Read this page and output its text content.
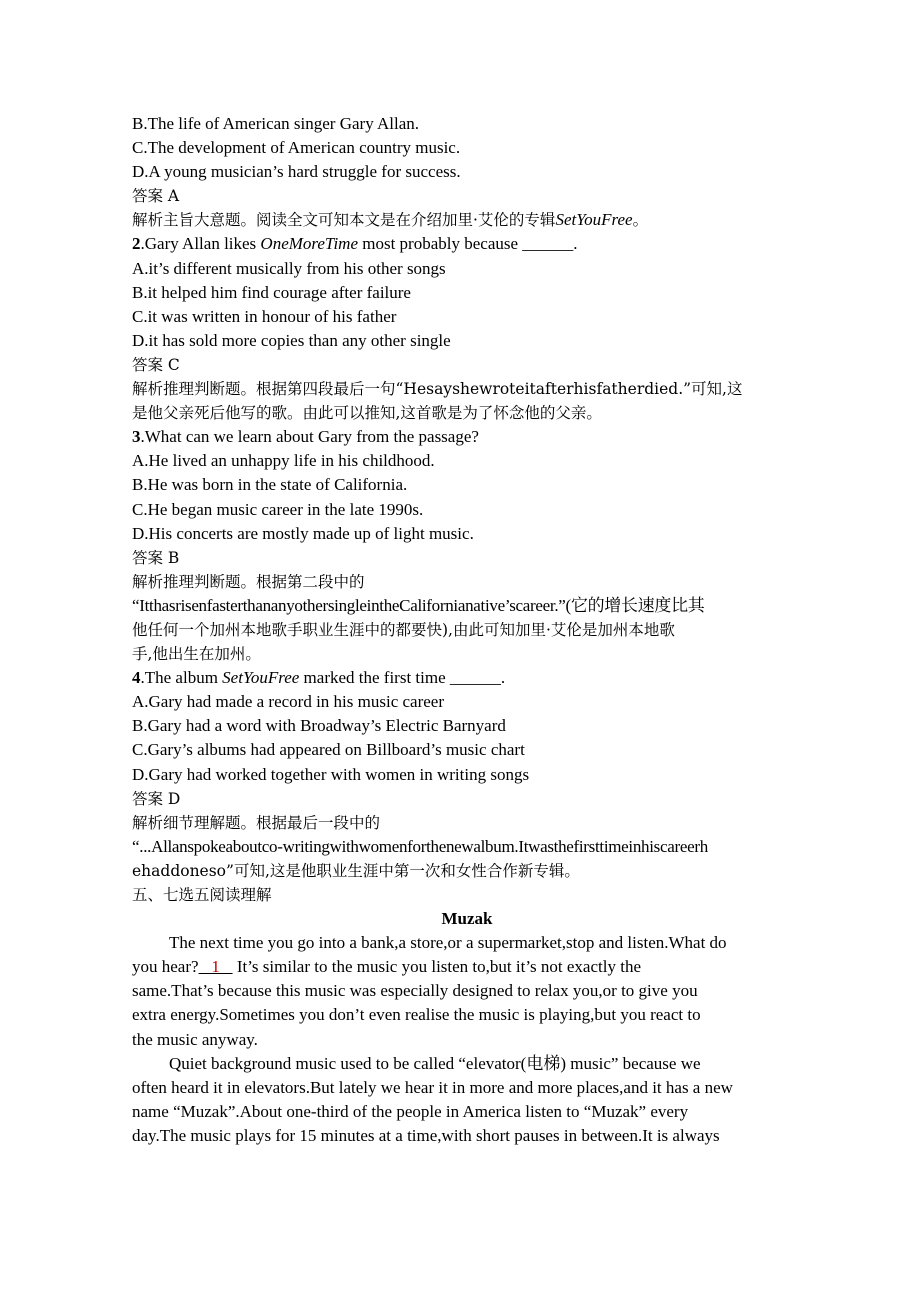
B.The life of American singer Gary Allan.
C.The development of American country music.
D.A young musician’s hard struggle for success.
答案 A
解析主旨大意题。阅读全文可知本文是在介绍加里·艾伦的专辑SetYouFree。
2.Gary Allan likes OneMoreTime most probably because ______.
A.it’s different musically from his other songs
B.it helped him find courage after failure
C.it was written in honour of his father
D.it has sold more copies than any other single
答案 C
解析推理判断题。根据第四段最后一句“Hesayshewroteitafterhisfatherdied.”可知,这
是他父亲死后他写的歌。由此可以推知,这首歌是为了怀念他的父亲。
3.What can we learn about Gary from the passage?
A.He lived an unhappy life in his childhood.
B.He was born in the state of California.
C.He began music career in the late 1990s.
D.His concerts are mostly made up of light music.
答案 B
解析推理判断题。根据第二段中的
“ItthasrisenfasterthananyothersingleintheCalifornianative’scareer.”(它的增长速度比其
他任何一个加州本地歌手职业生涯中的都要快),由此可知加里·艾伦是加州本地歌
手,他出生在加州。
4.The album SetYouFree marked the first time ______.
A.Gary had made a record in his music career
B.Gary had a word with Broadway’s Electric Barnyard
C.Gary’s albums had appeared on Billboard’s music chart
D.Gary had worked together with women in writing songs
答案 D
解析细节理解题。根据最后一段中的
“...Allanspokeaboutco-writingwithwomenforthenewalbum.Itwasthefirsttimeinhiscareerh
ehaddoneso”可知,这是他职业生涯中第一次和女性合作新专辑。
五、七选五阅读理解
Muzak
The next time you go into a bank,a store,or a supermarket,stop and listen.What do
you hear?   1    It’s similar to the music you listen to,but it’s not exactly the
same.That’s because this music was especially designed to relax you,or to give you
extra energy.Sometimes you don’t even realise the music is playing,but you react to
the music anyway.
Quiet background music used to be called “elevator(电梯) music” because we
often heard it in elevators.But lately we hear it in more and more places,and it has a new
name “Muzak”.About one-third of the people in America listen to “Muzak” every
day.The music plays for 15 minutes at a time,with short pauses in between.It is always
